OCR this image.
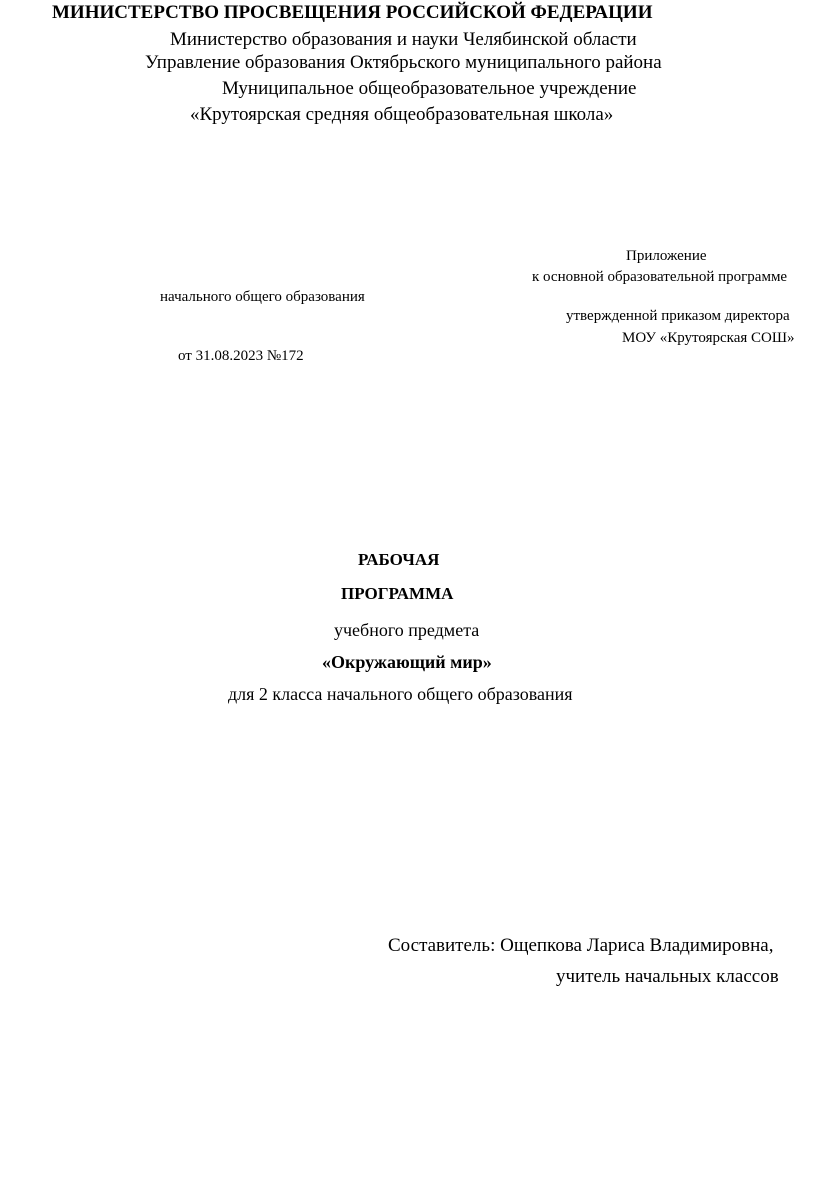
МИНИСТЕРСТВО ПРОСВЕЩЕНИЯ РОССИЙСКОЙ ФЕДЕРАЦИИ
Министерство образования и науки Челябинской области
Управление образования Октябрьского муниципального района
Муниципальное общеобразовательное учреждение
«Крутоярская средняя общеобразовательная школа»
Приложение
к основной образовательной программе
начального общего образования
утвержденной приказом директора
МОУ «Крутоярская СОШ»
от 31.08.2023 №172
РАБОЧАЯ
ПРОГРАММА
учебного предмета
«Окружающий мир»
для 2 класса начального общего образования
Составитель: Ощепкова Лариса Владимировна,
учитель начальных классов
